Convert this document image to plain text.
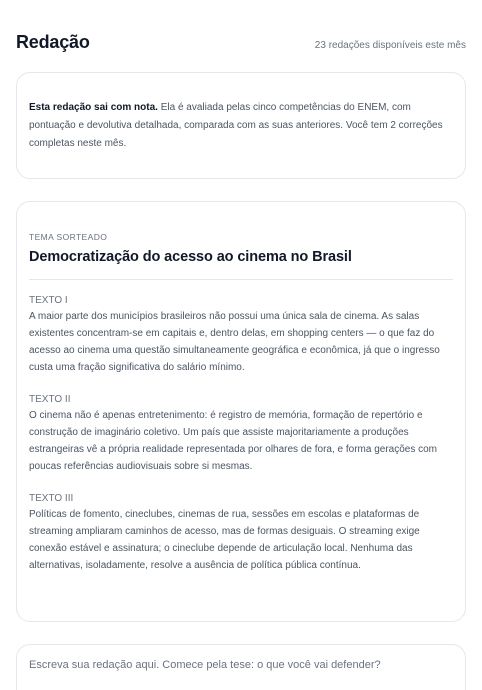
Redação	23 redações disponíveis este mês

Esta redação sai com nota. Ela é avaliada pelas cinco competências do ENEM, com pontuação e devolutiva detalhada, comparada com as suas anteriores. Você tem 2 correções completas neste mês.

TEMA SORTEADO
Democratização do acesso ao cinema no Brasil
TEXTO I

A maior parte dos municípios brasileiros não possui uma única sala de cinema. As salas existentes concentram-se em capitais e, dentro delas, em shopping centers — o que faz do acesso ao cinema uma questão simultaneamente geográfica e econômica, já que o ingresso custa uma fração significativa do salário mínimo.

TEXTO II

O cinema não é apenas entretenimento: é registro de memória, formação de repertório e construção de imaginário coletivo. Um país que assiste majoritariamente a produções estrangeiras vê a própria realidade representada por olhares de fora, e forma gerações com poucas referências audiovisuais sobre si mesmas.

TEXTO III

Políticas de fomento, cineclubes, cinemas de rua, sessões em escolas e plataformas de streaming ampliaram caminhos de acesso, mas de formas desiguais. O streaming exige conexão estável e assinatura; o cineclube depende de articulação local. Nenhuma das alternativas, isoladamente, resolve a ausência de política pública contínua.

Escreva sua redação aqui. Comece pela tese: o que você vai defender?
